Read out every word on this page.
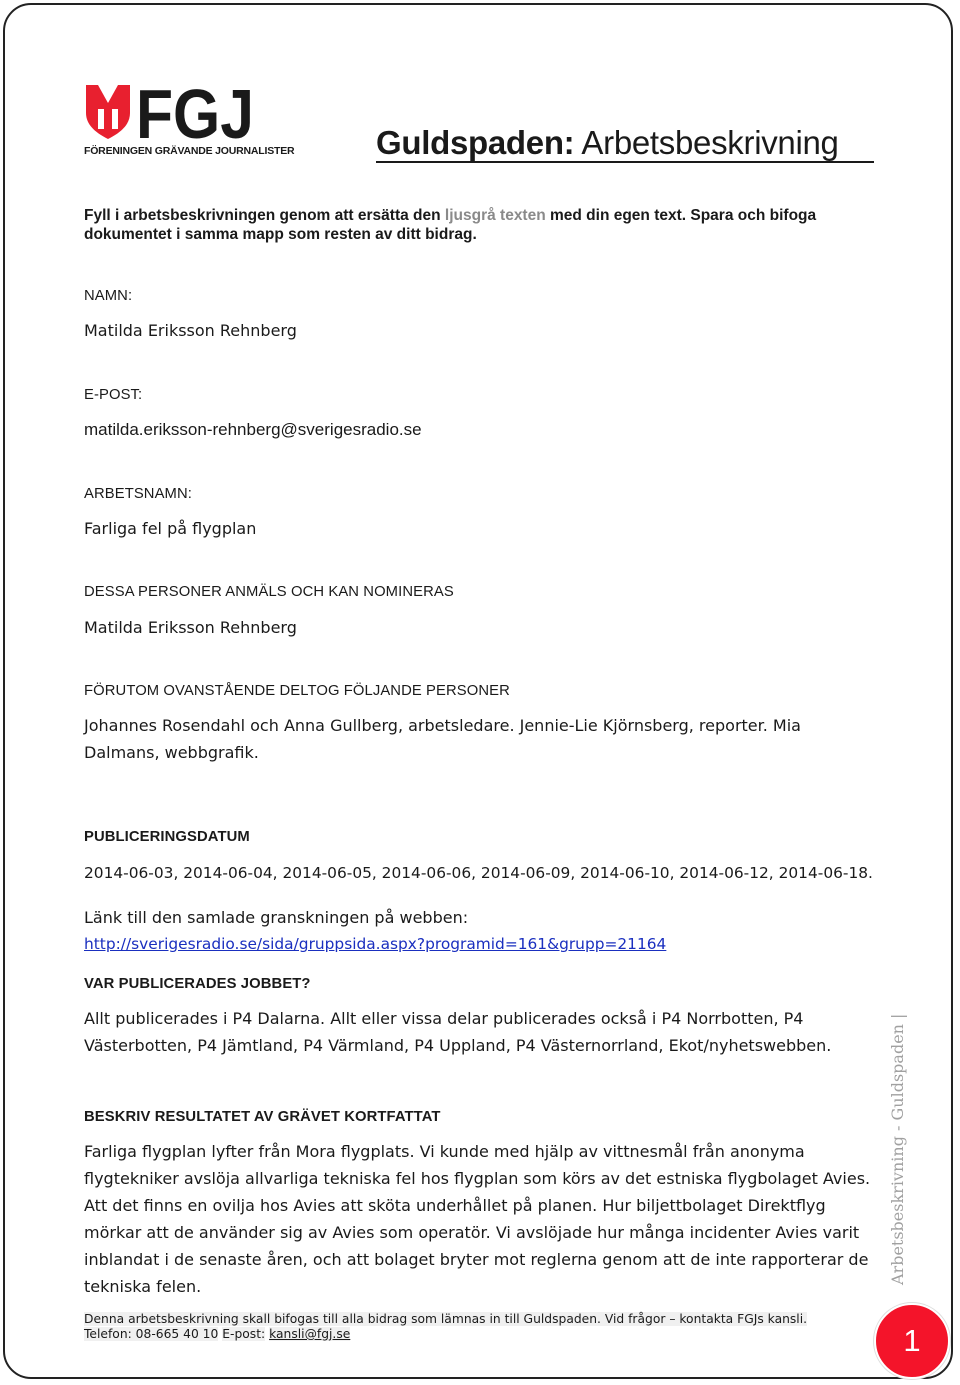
FGJ
FÖRENINGEN GRÄVANDE JOURNALISTER Guldspaden: Arbetsbeskrivning
Fyll i arbetsbeskrivningen genom att ersätta den ljusgrå texten med din egen text. Spara och bifoga dokumentet i samma mapp som resten av ditt bidrag.
NAMN:
Matilda Eriksson Rehnberg
E-POST:
matilda.eriksson-rehnberg@sverigesradio.se
ARBETSNAMN:
Farliga fel på flygplan
DESSA PERSONER ANMÄLS OCH KAN NOMINERAS
Matilda Eriksson Rehnberg
FÖRUTOM OVANSTÅENDE DELTOG FÖLJANDE PERSONER
Johannes Rosendahl och Anna Gullberg, arbetsledare. Jennie-Lie Kjörnsberg, reporter. Mia Dalmans, webbgrafik.
PUBLICERINGSDATUM
2014-06-03, 2014-06-04, 2014-06-05, 2014-06-06, 2014-06-09, 2014-06-10, 2014-06-12, 2014-06-18.
Länk till den samlade granskningen på webben:
http://sverigesradio.se/sida/gruppsida.aspx?programid=161&grupp=21164
VAR PUBLICERADES JOBBET?
Allt publicerades i P4 Dalarna. Allt eller vissa delar publicerades också i P4 Norrbotten, P4 Västerbotten, P4 Jämtland, P4 Värmland, P4 Uppland, P4 Västernorrland, Ekot/nyhetswebben.
BESKRIV RESULTATET AV GRÄVET KORTFATTAT
Farliga flygplan lyfter från Mora flygplats. Vi kunde med hjälp av vittnesmål från anonyma flygtekniker avslöja allvarliga tekniska fel hos flygplan som körs av det estniska flygbolaget Avies. Att det finns en ovilja hos Avies att sköta underhållet på planen. Hur biljettbolaget Direktflyg mörkar att de använder sig av Avies som operatör. Vi avslöjade hur många incidenter Avies varit inblandat i de senaste åren, och att bolaget bryter mot reglerna genom att de inte rapporterar de tekniska felen.
Denna arbetsbeskrivning skall bifogas till alla bidrag som lämnas in till Guldspaden. Vid frågor – kontakta FGJs kansli.
Telefon: 08-665 40 10 E-post: kansli@fgj.se
Arbetsbeskrivning - Guldspaden |
1
